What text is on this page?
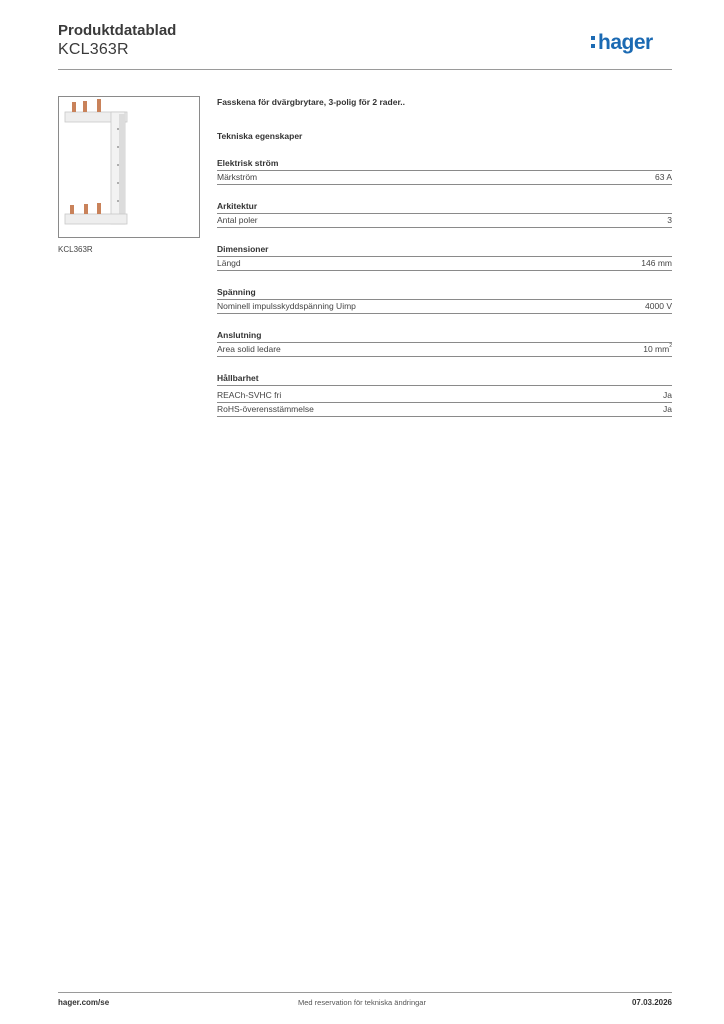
Produktdatablad
KCL363R	hager
KCL363R
Fasskena för dvärgbrytare, 3-polig för 2 rader..
Tekniska egenskaper
Elektrisk ström
Märkström	63 A
Arkitektur
Antal poler	3
Dimensioner
Längd	146 mm
Spänning
Nominell impulsskyddspänning Uimp	4000 V
Anslutning
Area solid ledare	10 $mm^2$
Hållbarhet
REACh-SVHC fri	Ja
RoHS-överensstämmelse	Ja
hager.com/se	Med reservation för tekniska ändringar	07.03.2026
